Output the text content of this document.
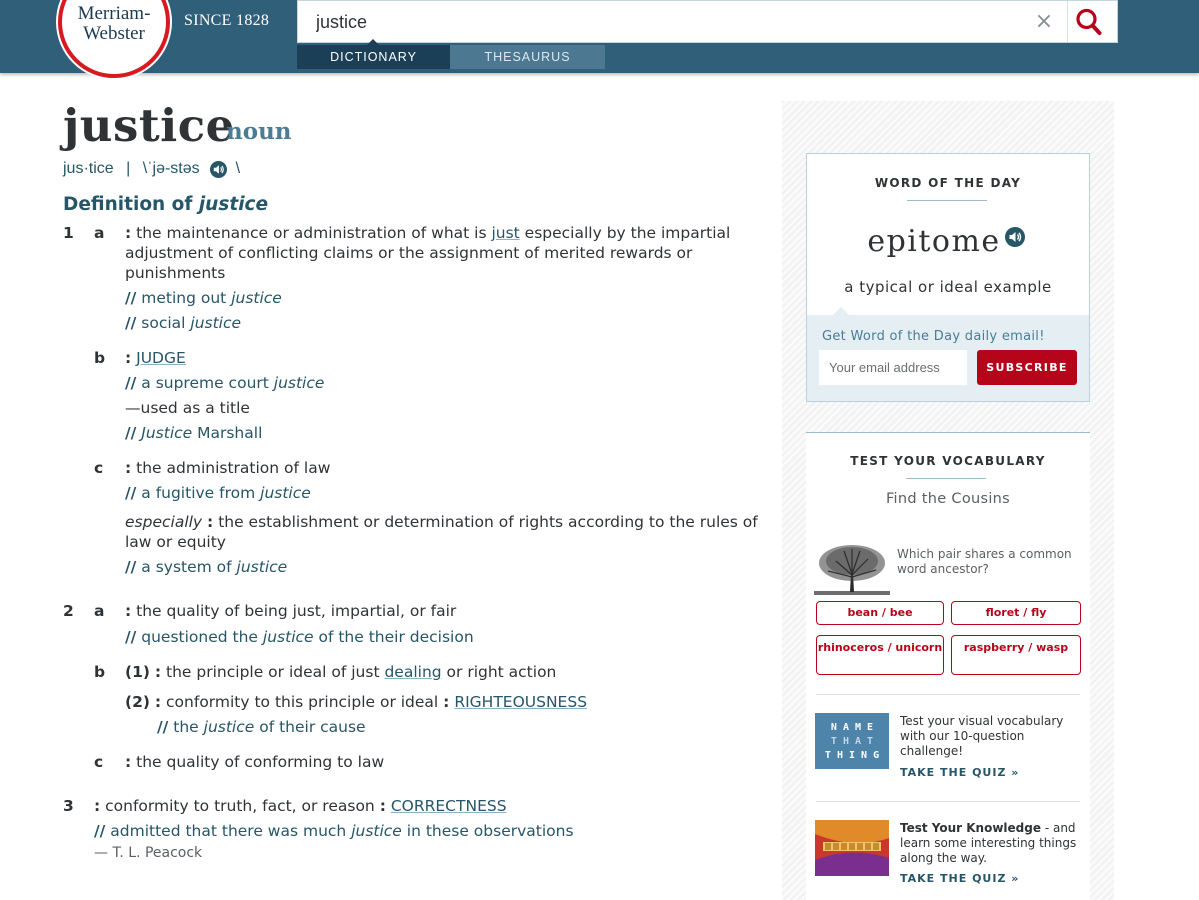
Merriam-
Webster
SINCE 1828
justice	×
DICTIONARY	THESAURUS
justice
noun
jus·tice | \ˈjə-stəs \
Definition of justice
1	a	: the maintenance or administration of what is just especially by the impartial adjustment of conflicting claims or the assignment of merited rewards or punishments
// meting out justice
// social justice
b	: JUDGE
// a supreme court justice
—used as a title
// Justice Marshall
c	: the administration of law
// a fugitive from justice
especially : the establishment or determination of rights according to the rules of law or equity
// a system of justice
2	a	: the quality of being just, impartial, or fair
// questioned the justice of the their decision
b	(1) : the principle or ideal of just dealing or right action
(2) : conformity to this principle or ideal : RIGHTEOUSNESS
// the justice of their cause
c	: the quality of conforming to law
3	: conformity to truth, fact, or reason : CORRECTNESS
// admitted that there was much justice in these observations
— T. L. Peacock
WORD OF THE DAY
epitome
a typical or ideal example
Get Word of the Day daily email!
Your email address
SUBSCRIBE
TEST YOUR VOCABULARY
Find the Cousins
Which pair shares a common word ancestor?
bean / bee	floret / fly
rhinoceros / unicorn	raspberry / wasp
N A M E
T H A T
T H I N G
Test your visual vocabulary with our 10-question challenge!
TAKE THE QUIZ »
Test Your Knowledge - and learn some interesting things along the way.
TAKE THE QUIZ »
